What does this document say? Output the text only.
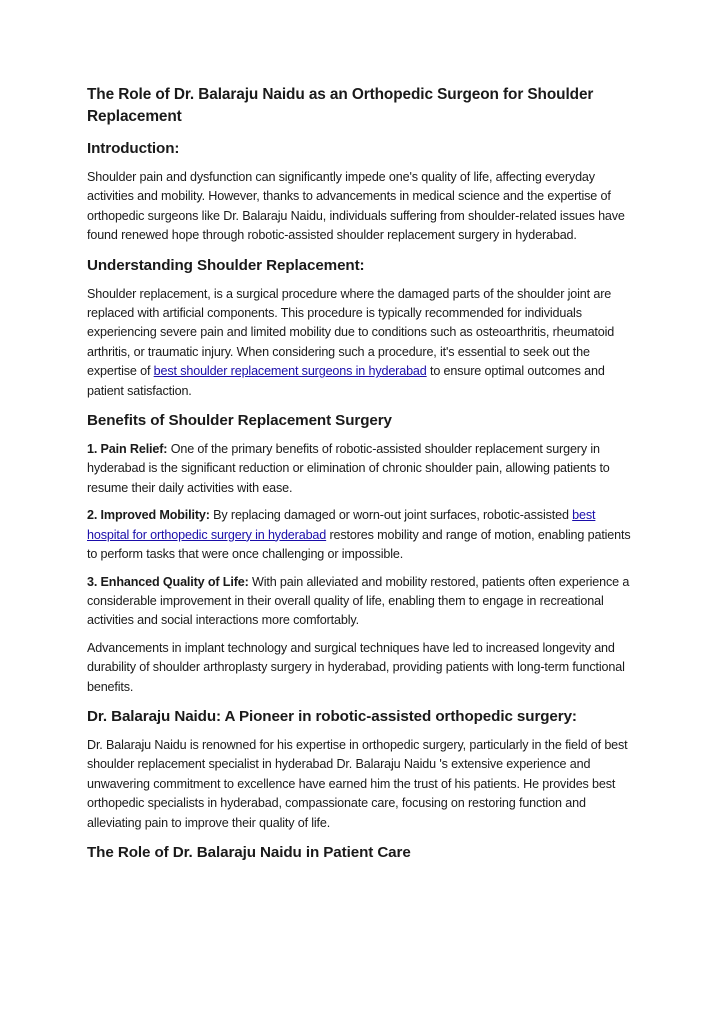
The Role of Dr. Balaraju Naidu as an Orthopedic Surgeon for Shoulder Replacement
Introduction:
Shoulder pain and dysfunction can significantly impede one's quality of life, affecting everyday activities and mobility. However, thanks to advancements in medical science and the expertise of orthopedic surgeons like Dr. Balaraju Naidu, individuals suffering from shoulder-related issues have found renewed hope through robotic-assisted shoulder replacement surgery in hyderabad.
Understanding Shoulder Replacement:
Shoulder replacement, is a surgical procedure where the damaged parts of the shoulder joint are replaced with artificial components. This procedure is typically recommended for individuals experiencing severe pain and limited mobility due to conditions such as osteoarthritis, rheumatoid arthritis, or traumatic injury. When considering such a procedure, it's essential to seek out the expertise of best shoulder replacement surgeons in hyderabad to ensure optimal outcomes and patient satisfaction.
Benefits of Shoulder Replacement Surgery
1. Pain Relief: One of the primary benefits of robotic-assisted shoulder replacement surgery in hyderabad is the significant reduction or elimination of chronic shoulder pain, allowing patients to resume their daily activities with ease.
2. Improved Mobility: By replacing damaged or worn-out joint surfaces, robotic-assisted best hospital for orthopedic surgery in hyderabad restores mobility and range of motion, enabling patients to perform tasks that were once challenging or impossible.
3. Enhanced Quality of Life: With pain alleviated and mobility restored, patients often experience a considerable improvement in their overall quality of life, enabling them to engage in recreational activities and social interactions more comfortably.
Advancements in implant technology and surgical techniques have led to increased longevity and durability of shoulder arthroplasty surgery in hyderabad, providing patients with long-term functional benefits.
Dr. Balaraju Naidu: A Pioneer in robotic-assisted orthopedic surgery:
Dr. Balaraju Naidu is renowned for his expertise in orthopedic surgery, particularly in the field of best shoulder replacement specialist in hyderabad Dr. Balaraju Naidu 's extensive experience and unwavering commitment to excellence have earned him the trust of his patients. He provides best orthopedic specialists in hyderabad, compassionate care, focusing on restoring function and alleviating pain to improve their quality of life.
The Role of Dr. Balaraju Naidu in Patient Care
